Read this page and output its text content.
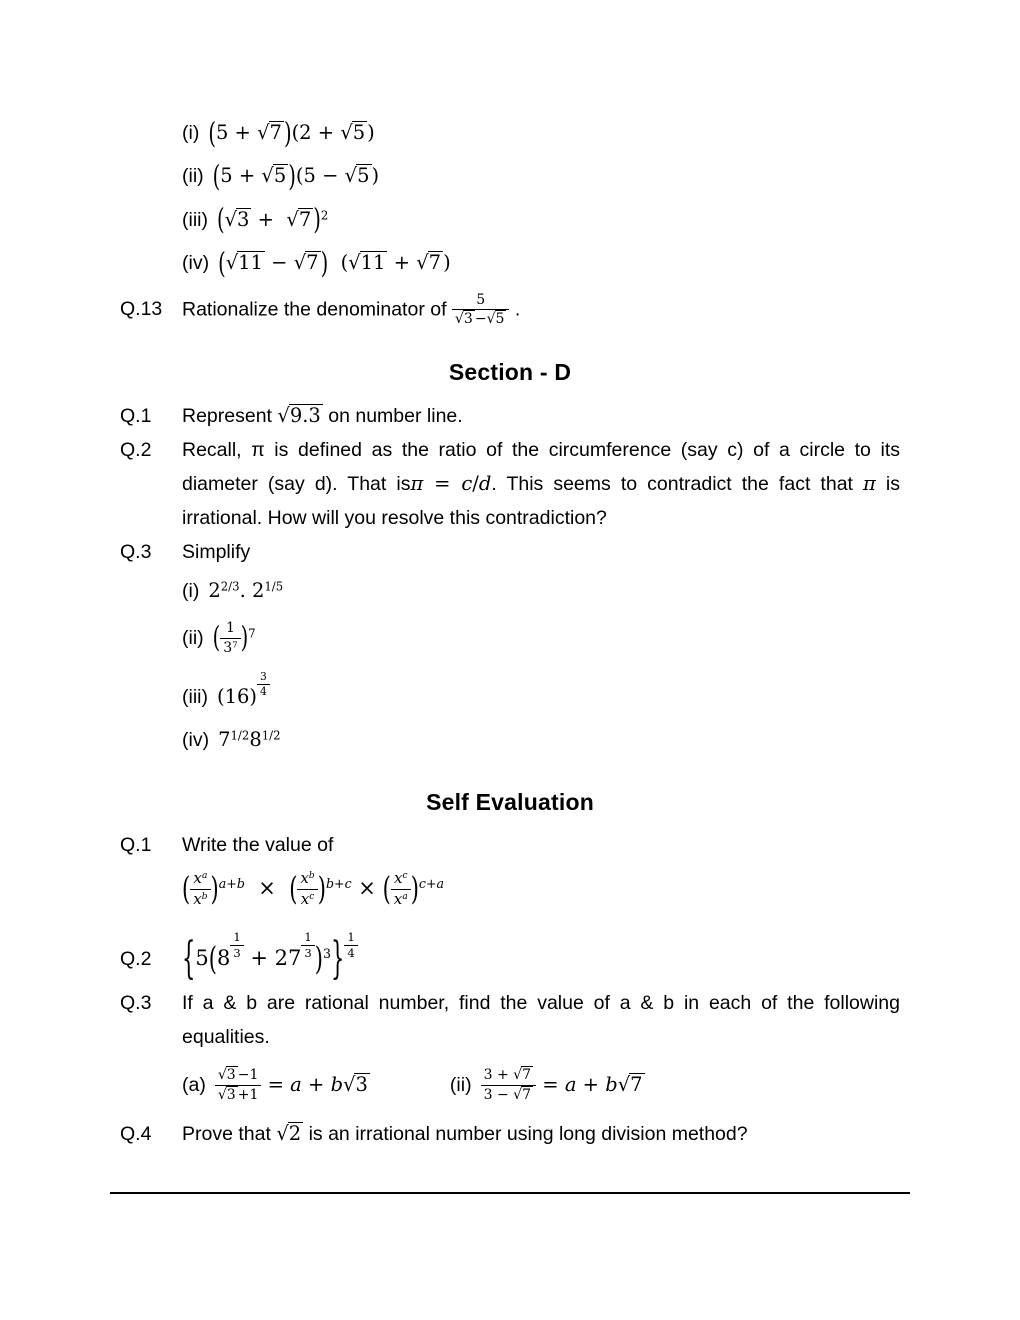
(i) (5 + √7 )(2 + √5 )
(ii) (5 + √5 )(5 − √5 )
(iii) (√3 +  √7 )$^2$
(iv) (√11 − √7 )  (√11 + √7 )
Q.13	Rationalize the denominator of $\frac{5}{√3 -√5}$ .
Section - D
Q.1	Represent √9.3 on number line.
Q.2	Recall, π is defined as the ratio of the circumference (say c) of a circle to its diameter (say d). That isπ = c/d. This seems to contradict the fact that π is irrational. How will you resolve this contradiction?
Q.3	Simplify
(i) $2^{2/3}$. $2^{1/5}$
(ii) ( $\frac{1}{3^7} )^7$
(iii) (16) $^{\frac{3}{4}}$
(iv) $7^{1/2}8^{1/2}$
Self Evaluation
Q.1	Write the value of
( $\frac{x^a}{x^b} )^{a+b}$  ×  ( $\frac{x^b}{x^c} )^{b+c}$ × ( $\frac{x^c}{x^a} )^{c+a}$
Q.2	{5(8 $^{\frac{1}{3}}$ + 27 $^{\frac{1}{3}}$ )$^3$} $^{\frac{1}{4}}$
Q.3	If a & b are rational number, find the value of a & b in each of the following equalities.
$(a) \frac{√3 -1}{√3 +1} = a + b√3$	$(ii) \frac{3 + √7}{3 - √7} = a + b√7$
Q.4	Prove that √2 is an irrational number using long division method?
